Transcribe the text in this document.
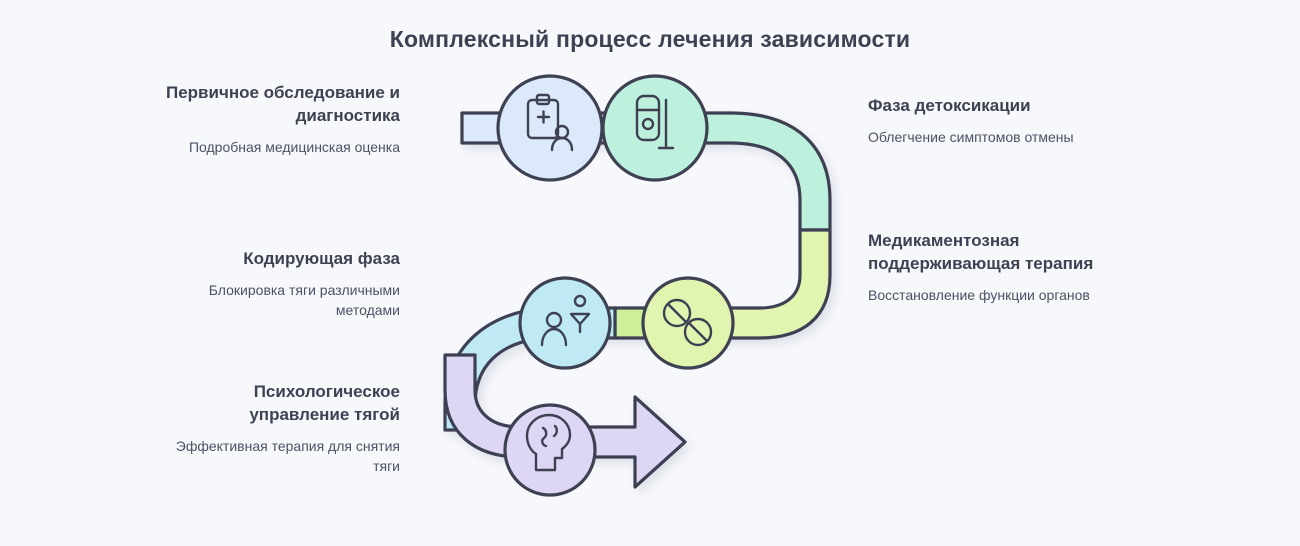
Комплексный процесс лечения зависимости
Первичное обследование и диагностика
Подробная медицинская оценка
Кодирующая фаза
Блокировка тяги различными методами
Психологическое управление тягой
Эффективная терапия для снятия тяги
Фаза детоксикации
Облегчение симптомов отмены
Медикаментозная поддерживающая терапия
Восстановление функции органов
